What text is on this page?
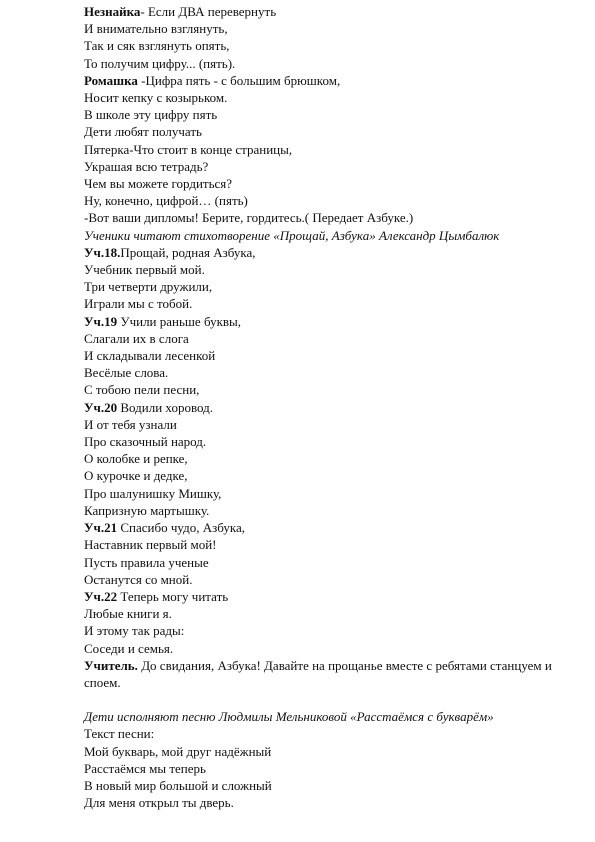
Незнайка- Если ДВА перевернуть
И внимательно взглянуть,
Так и сяк взглянуть опять,
То получим цифру... (пять).
Ромашка -Цифра пять - с большим брюшком,
Носит кепку с козырьком.
В школе эту цифру пять
Дети любят получать
Пятерка-Что стоит в конце страницы,
Украшая всю тетрадь?
Чем вы можете гордиться?
Ну, конечно, цифрой… (пять)
-Вот ваши дипломы! Берите, гордитесь.( Передает Азбуке.)
Ученики читают стихотворение «Прощай, Азбука» Александр Цымбалюк
Уч.18.Прощай, родная Азбука,
Учебник первый мой.
Три четверти дружили,
Играли мы с тобой.
Уч.19 Учили раньше буквы,
Слагали их в слога
И складывали лесенкой
Весёлые слова.
С тобою пели песни,
Уч.20 Водили хоровод.
И от тебя узнали
Про сказочный народ.
О колобке и репке,
О курочке и дедке,
Про шалунишку Мишку,
Капризную мартышку.
Уч.21 Спасибо чудо, Азбука,
Наставник первый мой!
Пусть правила ученые
Останутся со мной.
Уч.22 Теперь могу читать
Любые книги я.
И этому так рады:
Соседи и семья.
Учитель. До свидания, Азбука! Давайте на прощанье вместе с ребятами станцуем и споем.
Дети исполняют песню Людмилы Мельниковой «Расстаёмся с букварём»
Текст песни:
Мой букварь, мой друг надёжный
Расстаёмся мы теперь
В новый мир большой и сложный
Для меня открыл ты дверь.
